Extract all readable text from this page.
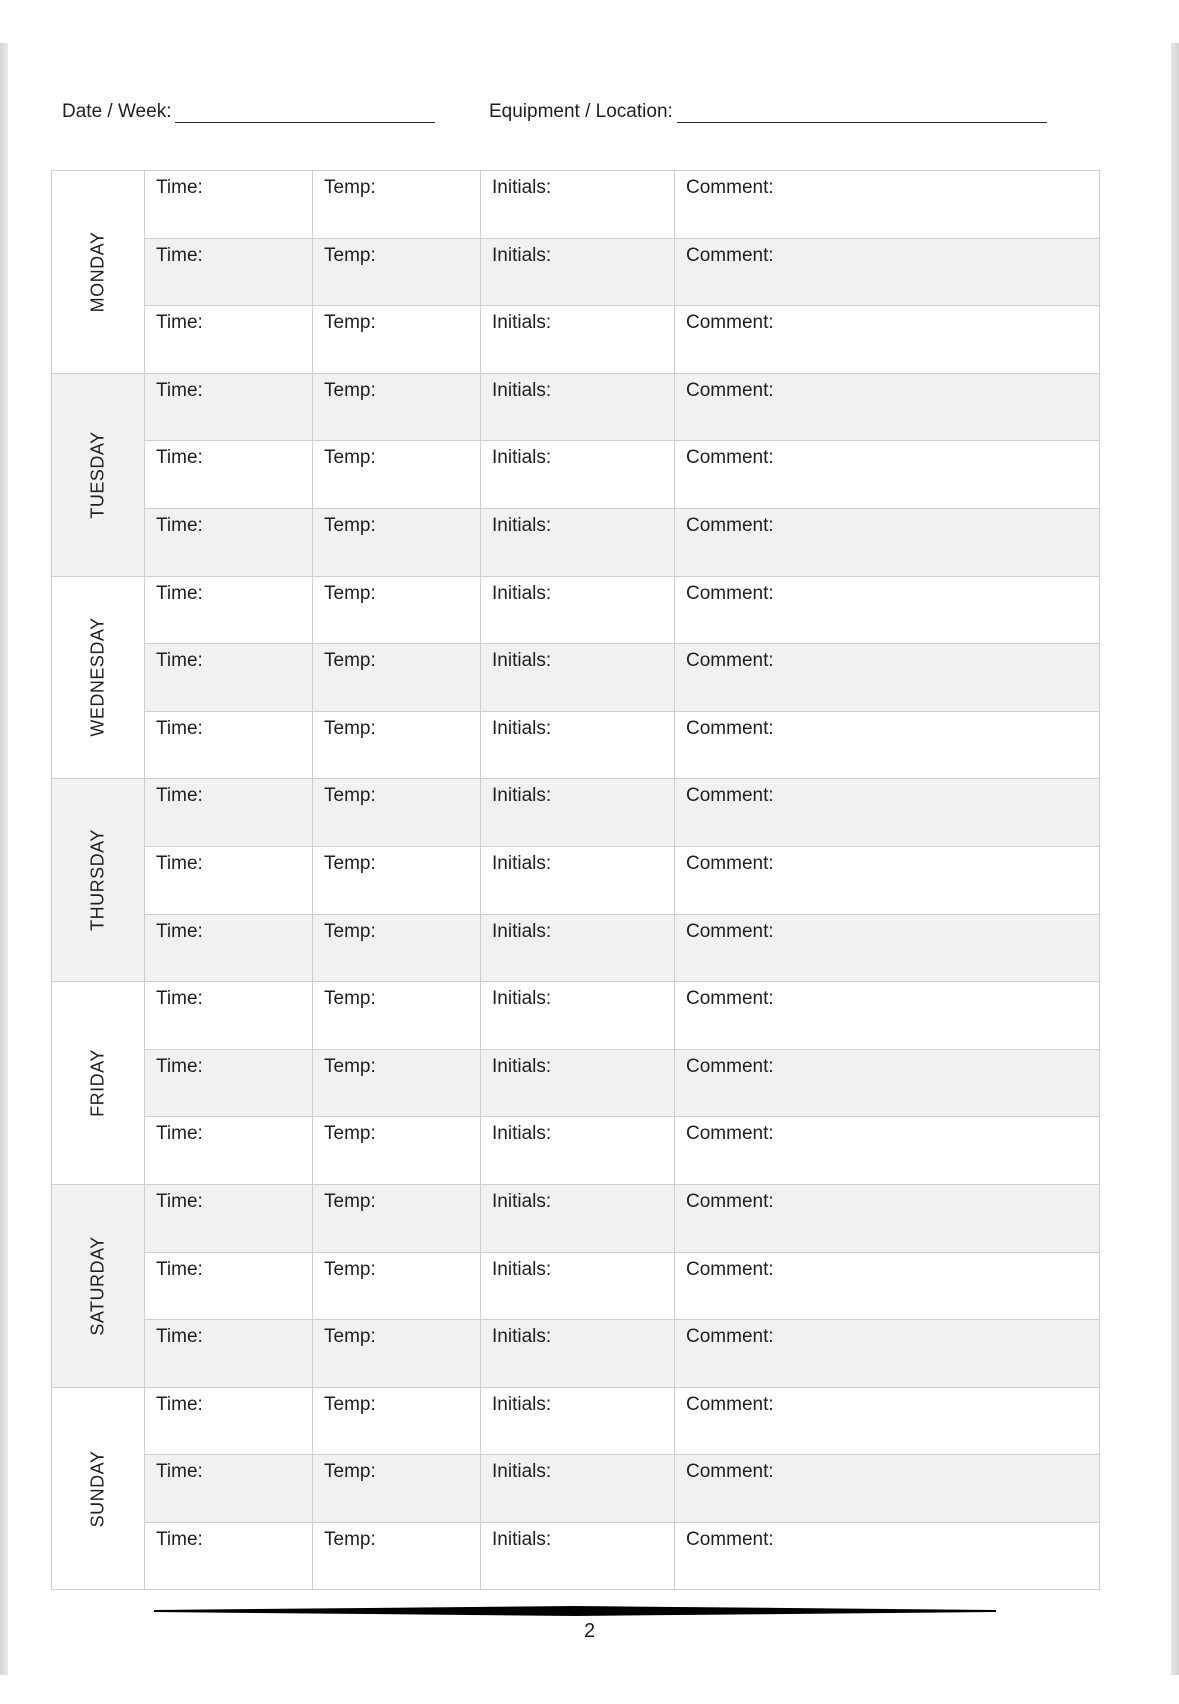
Date / Week:	Equipment / Location:
MONDAY	Time:	Temp:	Initials:	Comment:

	Time:	Temp:	Initials:	Comment:

	Time:	Temp:	Initials:	Comment:

TUESDAY	Time:	Temp:	Initials:	Comment:

	Time:	Temp:	Initials:	Comment:

	Time:	Temp:	Initials:	Comment:

WEDNESDAY	Time:	Temp:	Initials:	Comment:

	Time:	Temp:	Initials:	Comment:

	Time:	Temp:	Initials:	Comment:

THURSDAY	Time:	Temp:	Initials:	Comment:

	Time:	Temp:	Initials:	Comment:

	Time:	Temp:	Initials:	Comment:

FRIDAY	Time:	Temp:	Initials:	Comment:

	Time:	Temp:	Initials:	Comment:

	Time:	Temp:	Initials:	Comment:

SATURDAY	Time:	Temp:	Initials:	Comment:

	Time:	Temp:	Initials:	Comment:

	Time:	Temp:	Initials:	Comment:

SUNDAY	Time:	Temp:	Initials:	Comment:

	Time:	Temp:	Initials:	Comment:

	Time:	Temp:	Initials:	Comment:
2
